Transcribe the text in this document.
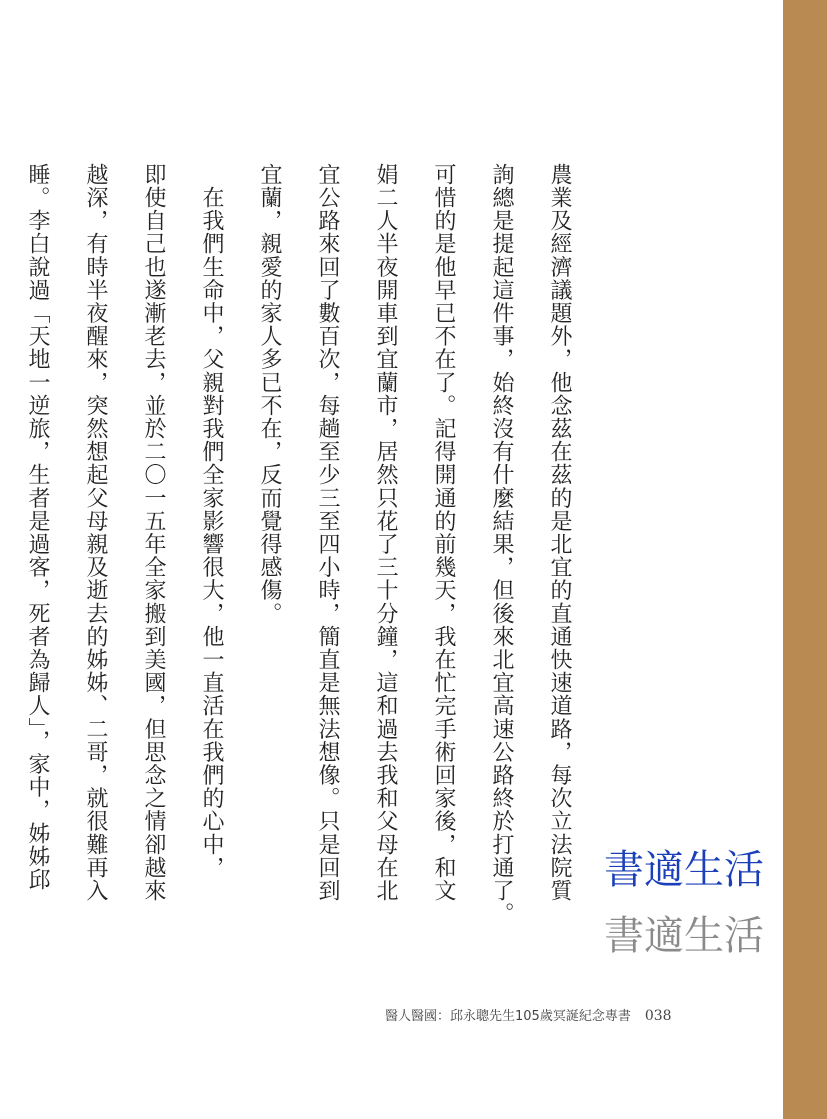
農業及經濟議題外，他念茲在茲的是北宜的直通快速道路，每次立法院質
詢總是提起這件事，始終沒有什麼結果，但後來北宜高速公路終於打通了。
可惜的是他早已不在了。記得開通的前幾天，我在忙完手術回家後，和文
娟二人半夜開車到宜蘭市，居然只花了三十分鐘，這和過去我和父母在北
宜公路來回了數百次，每趟至少三至四小時，簡直是無法想像。只是回到
宜蘭，親愛的家人多已不在，反而覺得感傷。
　在我們生命中，父親對我們全家影響很大，他一直活在我們的心中，
即使自己也遂漸老去，並於二〇一五年全家搬到美國，但思念之情卻越來
越深，有時半夜醒來，突然想起父母親及逝去的姊姊、二哥，就很難再入
睡。李白說過「天地一逆旅，生者是過客，死者為歸人」，家中，姊姊邱	書適生活
書適生活
醫人醫國：邱永聰先生105歲冥誕紀念專書 038
